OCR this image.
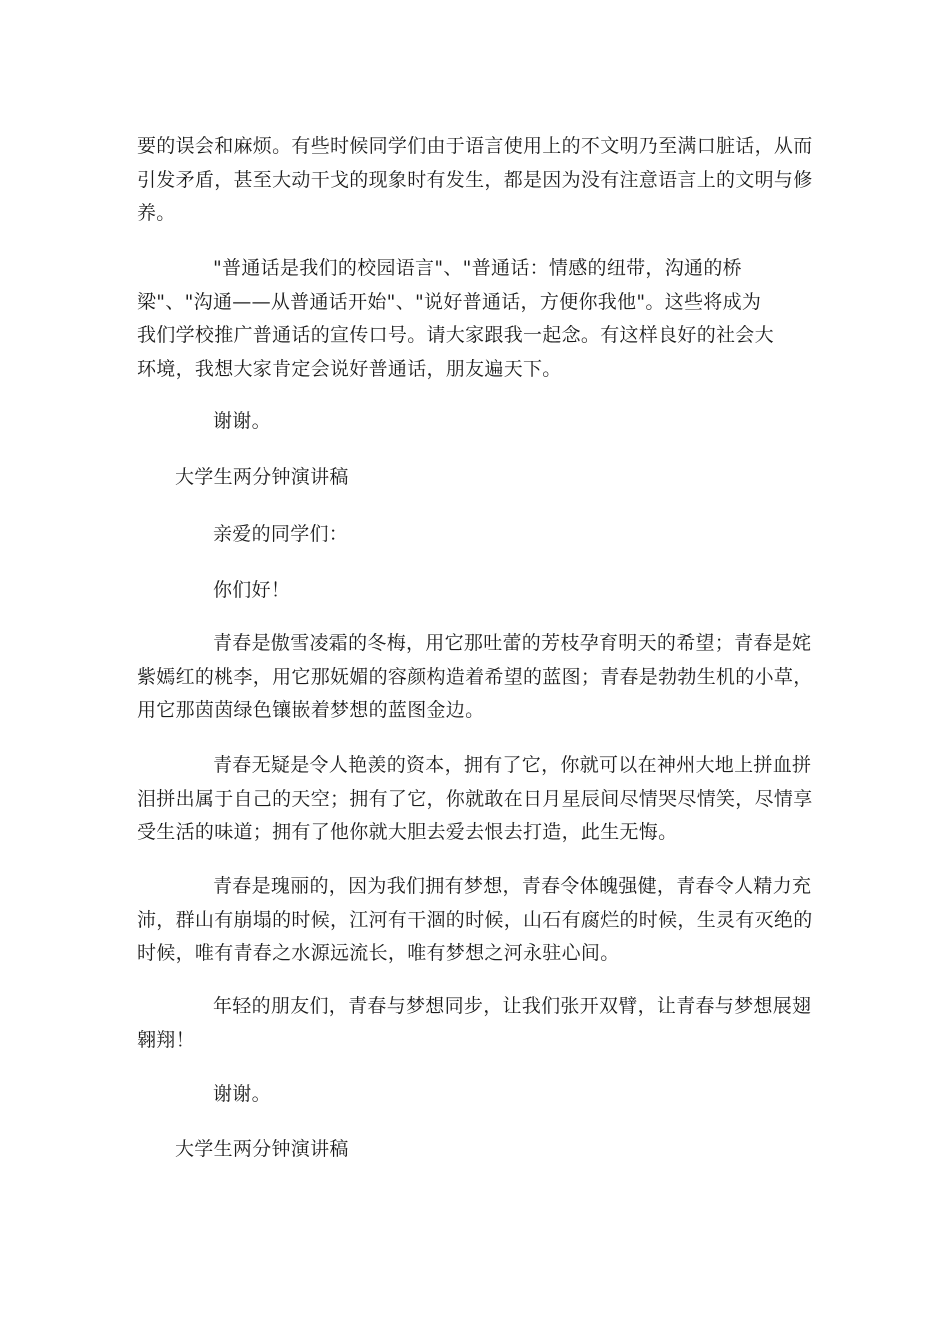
要的误会和麻烦。有些时候同学们由于语言使用上的不文明乃至满口脏话，从而引发矛盾，甚至大动干戈的现象时有发生，都是因为没有注意语言上的文明与修养。

"普通话是我们的校园语言"、"普通话：情感的纽带，沟通的桥梁"、"沟通——从普通话开始"、"说好普通话，方便你我他"。这些将成为我们学校推广普通话的宣传口号。请大家跟我一起念。有这样良好的社会大环境，我想大家肯定会说好普通话，朋友遍天下。

谢谢。

大学生两分钟演讲稿

亲爱的同学们：

你们好！

青春是傲雪凌霜的冬梅，用它那吐蕾的芳枝孕育明天的希望；青春是姹紫嫣红的桃李，用它那妩媚的容颜构造着希望的蓝图；青春是勃勃生机的小草，用它那茵茵绿色镶嵌着梦想的蓝图金边。

青春无疑是令人艳羡的资本，拥有了它，你就可以在神州大地上拼血拼泪拼出属于自己的天空；拥有了它，你就敢在日月星辰间尽情哭尽情笑，尽情享受生活的味道；拥有了他你就大胆去爱去恨去打造，此生无悔。

青春是瑰丽的，因为我们拥有梦想，青春令体魄强健，青春令人精力充沛，群山有崩塌的时候，江河有干涸的时候，山石有腐烂的时候，生灵有灭绝的时候，唯有青春之水源远流长，唯有梦想之河永驻心间。

年轻的朋友们，青春与梦想同步，让我们张开双臂，让青春与梦想展翅翱翔！

谢谢。

大学生两分钟演讲稿
